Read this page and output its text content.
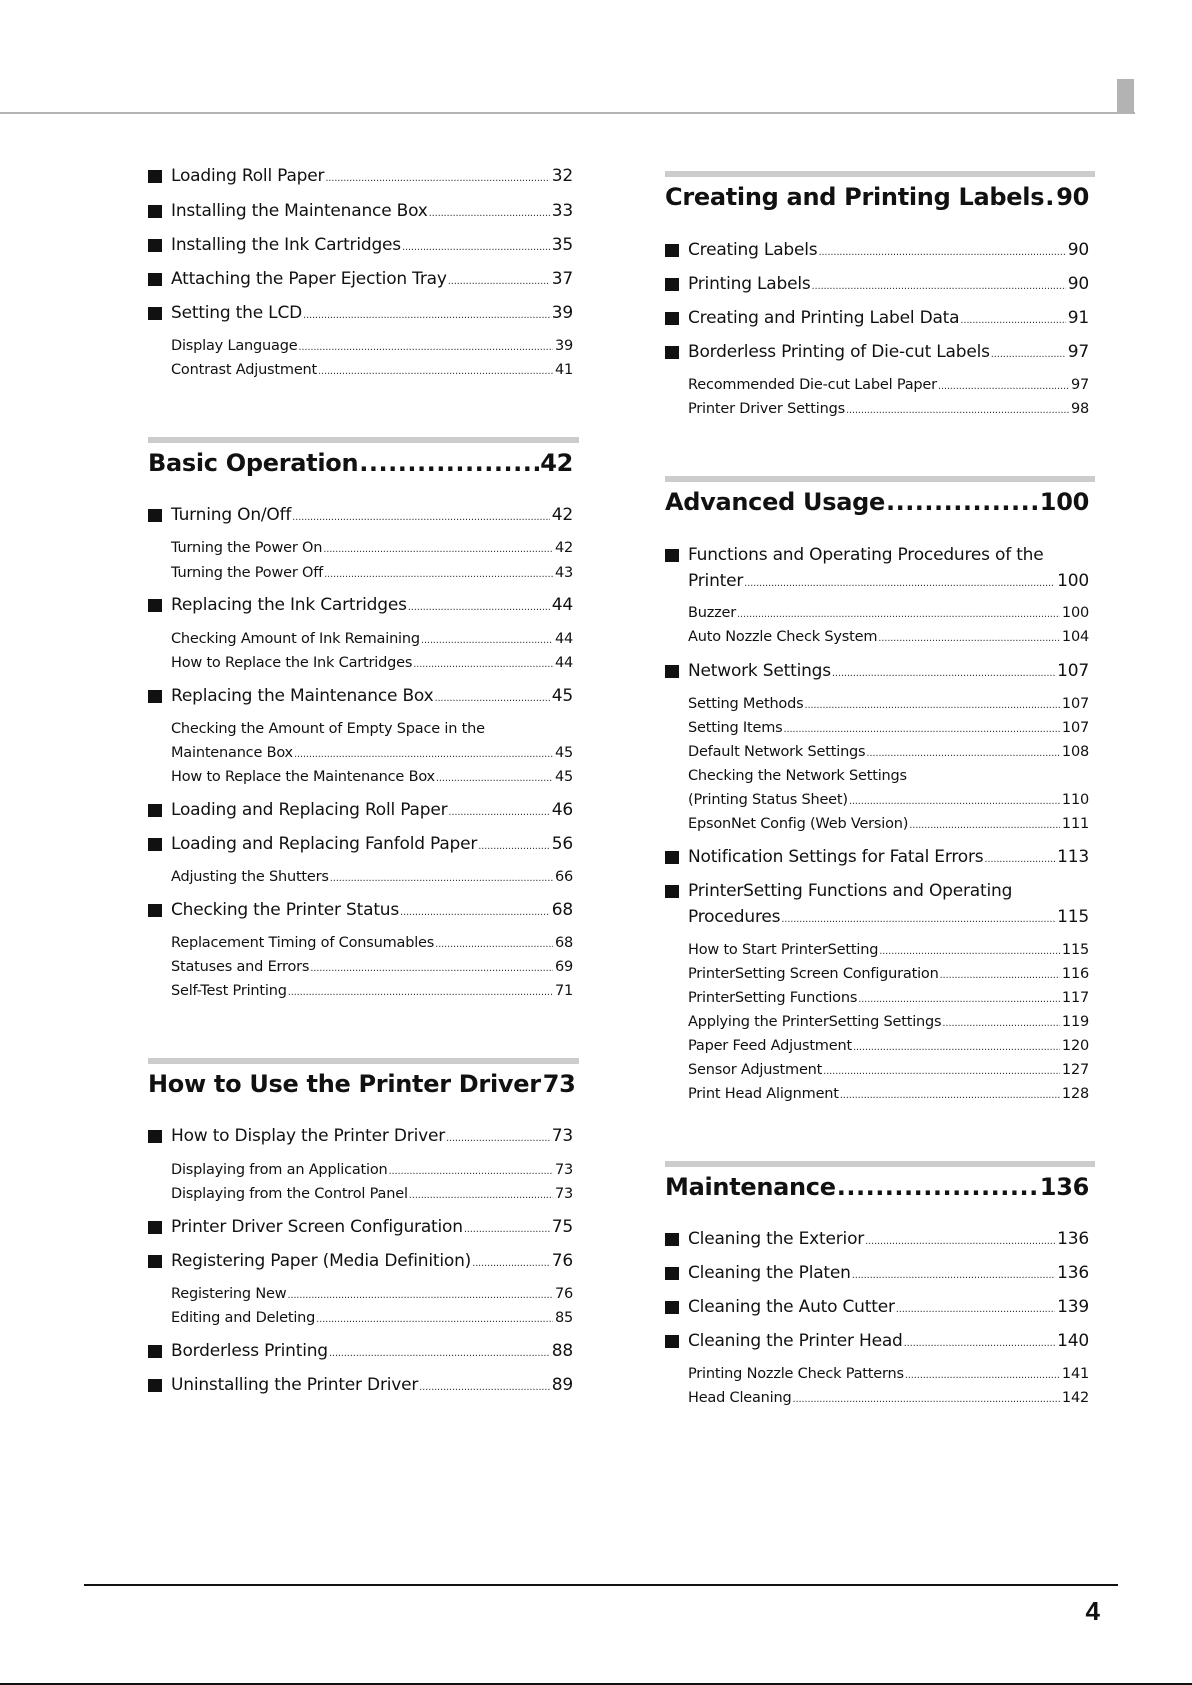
Loading Roll Paper .....	32
Installing the Maintenance Box .....	33
Installing the Ink Cartridges .....	35
Attaching the Paper Ejection Tray .....	37
Setting the LCD .....	39
Display Language .....	39
Contrast Adjustment .....	41
Basic Operation .....	42
Turning On/Off .....	42
Turning the Power On .....	42
Turning the Power Off .....	43
Replacing the Ink Cartridges .....	44
Checking Amount of Ink Remaining .....	44
How to Replace the Ink Cartridges .....	44
Replacing the Maintenance Box .....	45
Checking the Amount of Empty Space in the
Maintenance Box .....	45
How to Replace the Maintenance Box .....	45
Loading and Replacing Roll Paper .....	46
Loading and Replacing Fanfold Paper .....	56
Adjusting the Shutters .....	66
Checking the Printer Status .....	68
Replacement Timing of Consumables .....	68
Statuses and Errors .....	69
Self-Test Printing .....	71
How to Use the Printer Driver 73
How to Display the Printer Driver .....	73
Displaying from an Application .....	73
Displaying from the Control Panel .....	73
Printer Driver Screen Configuration .....	75
Registering Paper (Media Definition) .....	76
Registering New .....	76
Editing and Deleting .....	85
Borderless Printing .....	88
Uninstalling the Printer Driver .....	89
Creating and Printing Labels ..... 90
Creating Labels .....	90
Printing Labels .....	90
Creating and Printing Label Data .....	91
Borderless Printing of Die-cut Labels .....	97
Recommended Die-cut Label Paper .....	97
Printer Driver Settings .....	98
Advanced Usage .....	100
Functions and Operating Procedures of the
Printer .....	100
Buzzer .....	100
Auto Nozzle Check System .....	104
Network Settings .....	107
Setting Methods .....	107
Setting Items .....	107
Default Network Settings .....	108
Checking the Network Settings
(Printing Status Sheet) .....	110
EpsonNet Config (Web Version) .....	111
Notification Settings for Fatal Errors .....	113
PrinterSetting Functions and Operating
Procedures .....	115
How to Start PrinterSetting .....	115
PrinterSetting Screen Configuration .....	116
PrinterSetting Functions .....	117
Applying the PrinterSetting Settings .....	119
Paper Feed Adjustment .....	120
Sensor Adjustment .....	127
Print Head Alignment .....	128
Maintenance .....	136
Cleaning the Exterior .....	136
Cleaning the Platen .....	136
Cleaning the Auto Cutter .....	139
Cleaning the Printer Head .....	140
Printing Nozzle Check Patterns .....	141
Head Cleaning .....	142
4
